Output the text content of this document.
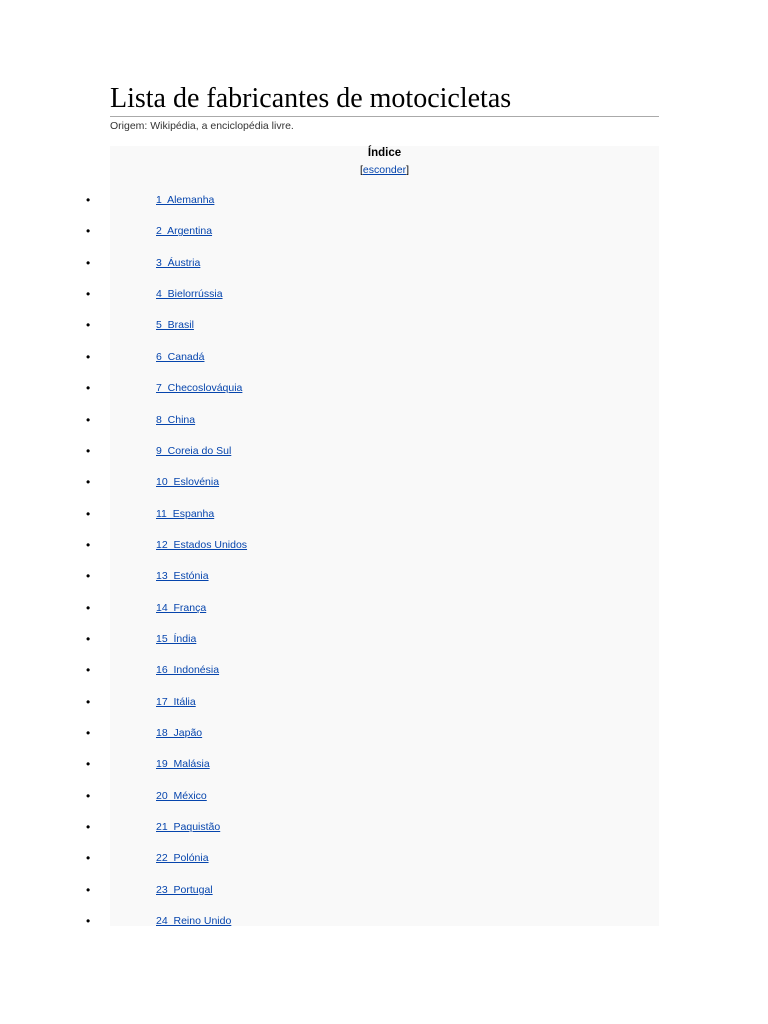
Lista de fabricantes de motocicletas
Origem: Wikipédia, a enciclopédia livre.
Índice
[esconder]
•	1  Alemanha
•	2  Argentina
•	3  Áustria
•	4  Bielorrússia
•	5  Brasil
•	6  Canadá
•	7  Checoslováquia
•	8  China
•	9  Coreia do Sul
•	10  Eslovénia
•	11  Espanha
•	12  Estados Unidos
•	13  Estónia
•	14  França
•	15  Índia
•	16  Indonésia
•	17  Itália
•	18  Japão
•	19  Malásia
•	20  México
•	21  Paquistão
•	22  Polónia
•	23  Portugal
•	24  Reino Unido
